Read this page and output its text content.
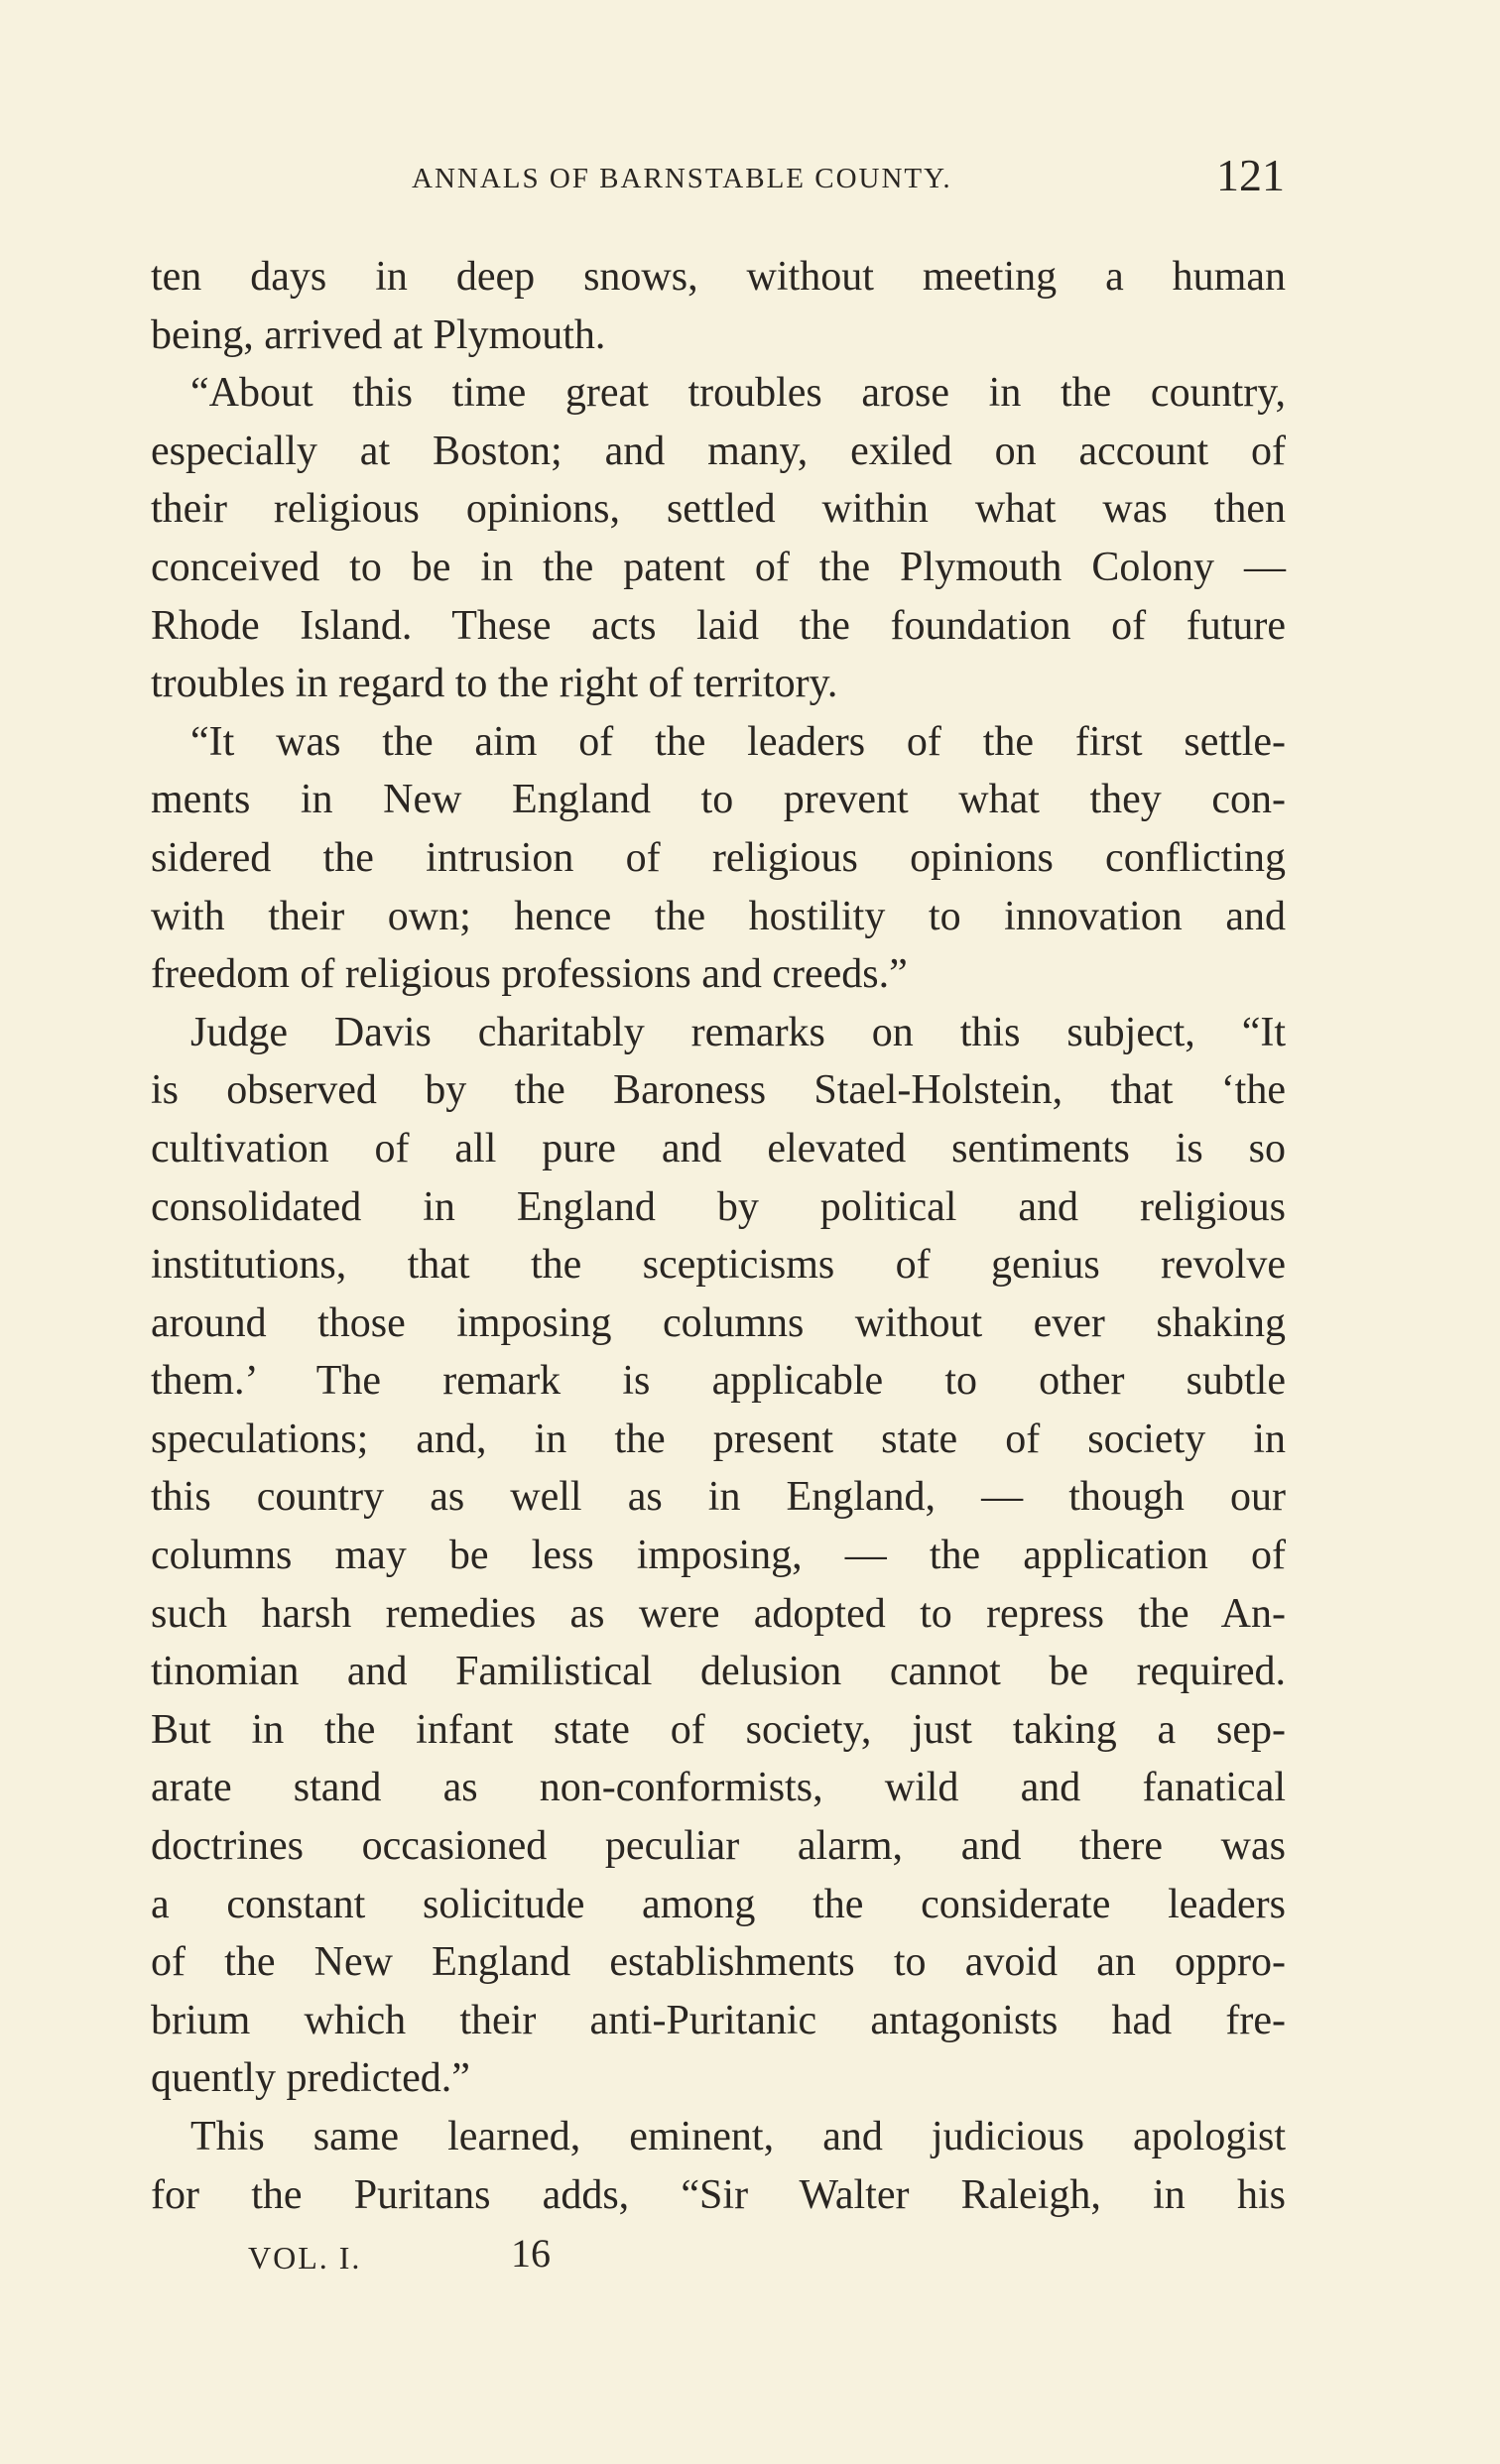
ANNALS OF BARNSTABLE COUNTY.	121
ten days in deep snows, without meeting a human
being, arrived at Plymouth.
“About this time great troubles arose in the country,
especially at Boston; and many, exiled on account of
their religious opinions, settled within what was then
conceived to be in the patent of the Plymouth Colony —
Rhode Island. These acts laid the foundation of future
troubles in regard to the right of territory.
“It was the aim of the leaders of the first settle-
ments in New England to prevent what they con-
sidered the intrusion of religious opinions conflicting
with their own; hence the hostility to innovation and
freedom of religious professions and creeds.”
Judge Davis charitably remarks on this subject, “It
is observed by the Baroness Stael-Holstein, that ‘the
cultivation of all pure and elevated sentiments is so
consolidated in England by political and religious
institutions, that the scepticisms of genius revolve
around those imposing columns without ever shaking
them.’ The remark is applicable to other subtle
speculations; and, in the present state of society in
this country as well as in England, — though our
columns may be less imposing, — the application of
such harsh remedies as were adopted to repress the An-
tinomian and Familistical delusion cannot be required.
But in the infant state of society, just taking a sep-
arate stand as non-conformists, wild and fanatical
doctrines occasioned peculiar alarm, and there was
a constant solicitude among the considerate leaders
of the New England establishments to avoid an oppro-
brium which their anti-Puritanic antagonists had fre-
quently predicted.”
This same learned, eminent, and judicious apologist
for the Puritans adds, “Sir Walter Raleigh, in his
VOL. I.	16
